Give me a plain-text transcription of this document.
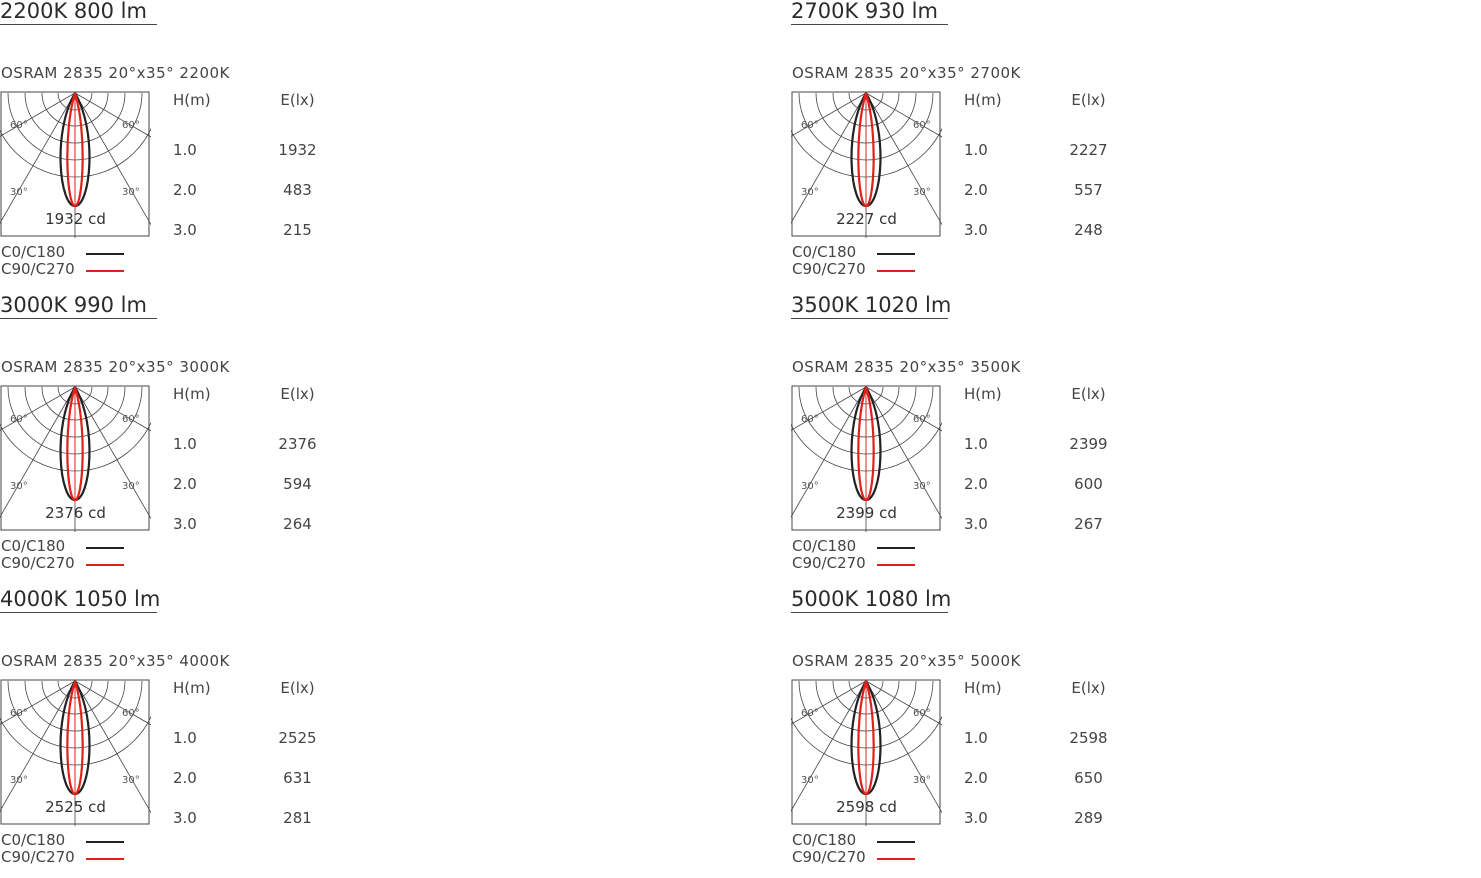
2200K 800 lm
OSRAM 2835 20°x35° 2200K
60°	60°
30°	30°
1932 cd
H(m)	E(lx)
1.0	1932
2.0	483
3.0	215
C0/C180
C90/C270
2700K 930 lm
OSRAM 2835 20°x35° 2700K
60°	60°
30°	30°
2227 cd
H(m)	E(lx)
1.0	2227
2.0	557
3.0	248
C0/C180
C90/C270
3000K 990 lm
OSRAM 2835 20°x35° 3000K
60°	60°
30°	30°
2376 cd
H(m)	E(lx)
1.0	2376
2.0	594
3.0	264
C0/C180
C90/C270
3500K 1020 lm
OSRAM 2835 20°x35° 3500K
60°	60°
30°	30°
2399 cd
H(m)	E(lx)
1.0	2399
2.0	600
3.0	267
C0/C180
C90/C270
4000K 1050 lm
OSRAM 2835 20°x35° 4000K
60°	60°
30°	30°
2525 cd
H(m)	E(lx)
1.0	2525
2.0	631
3.0	281
C0/C180
C90/C270
5000K 1080 lm
OSRAM 2835 20°x35° 5000K
60°	60°
30°	30°
2598 cd
H(m)	E(lx)
1.0	2598
2.0	650
3.0	289
C0/C180
C90/C270
